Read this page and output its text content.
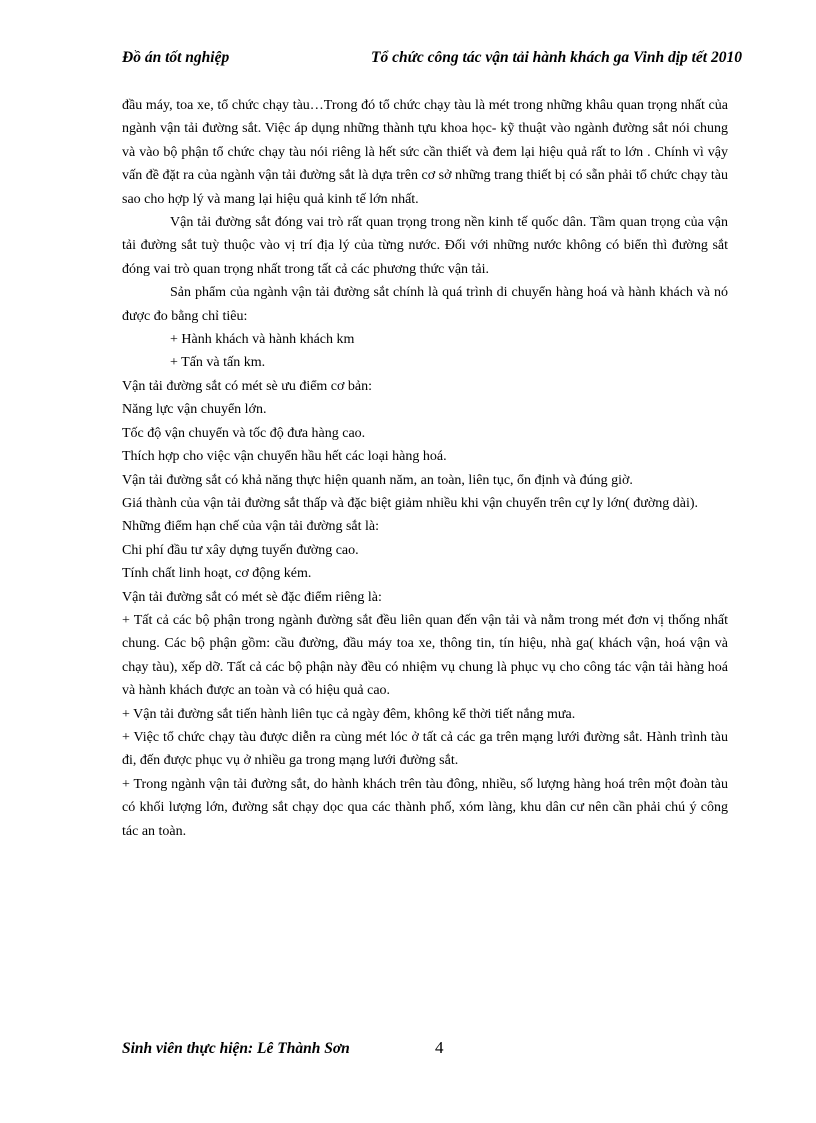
Đồ án tốt nghiệp	Tổ chức công tác vận tải hành khách ga Vinh dịp tết 2010

đầu máy, toa xe, tổ chức chạy tàu…Trong đó tổ chức chạy tàu là mét trong những khâu quan trọng nhất của ngành vận tải đường sắt. Việc áp dụng những thành tựu khoa học- kỹ thuật vào ngành đường sắt nói chung và vào bộ phận tổ chức chạy tàu nói riêng là hết sức cần thiết và đem lại hiệu quả rất to lớn . Chính vì vậy vấn đề đặt ra của ngành vận tải đường sắt là dựa trên cơ sở những trang thiết bị có sẵn phải tổ chức chạy tàu sao cho hợp lý và mang lại hiệu quả kinh tế lớn nhất.

Vận tải đường sắt đóng vai trò rất quan trọng trong nền kinh tế quốc dân. Tầm quan trọng của vận tải đường sắt tuỳ thuộc vào vị trí địa lý của từng nước. Đối với những nước không có biển thì đường sắt đóng vai trò quan trọng nhất trong tất cả các phương thức vận tải.

Sản phẩm của ngành vận tải đường sắt chính là quá trình di chuyển hàng hoá và hành khách và nó được đo bằng chỉ tiêu:

+ Hành khách và hành khách km

+ Tấn và tấn km.

Vận tải đường sắt có mét sè ưu điểm cơ bản:

Năng lực vận chuyển lớn.

Tốc độ vận chuyển và tốc độ đưa hàng cao.

Thích hợp cho việc vận chuyển hầu hết các loại hàng hoá.

Vận tải đường sắt có khả năng thực hiện quanh năm, an toàn, liên tục, ổn định và đúng giờ.

Giá thành của vận tải đường sắt thấp và đặc biệt giảm nhiều khi vận chuyển trên cự ly lớn( đường dài).

Những điểm hạn chế của vận tải đường sắt là:

Chi phí đầu tư xây dựng tuyến đường cao.

Tính chất linh hoạt, cơ động kém.

Vận tải đường sắt có mét sè đặc điểm riêng là:

+ Tất cả các bộ phận trong ngành đường sắt đều liên quan đến vận tải và nằm trong mét đơn vị thống nhất chung. Các bộ phận gồm: cầu đường, đầu máy toa xe, thông tin, tín hiệu, nhà ga( khách vận, hoá vận và chạy tàu), xếp dỡ. Tất cả các bộ phận này đều có nhiệm vụ chung là phục vụ cho công tác vận tải hàng hoá và hành khách được an toàn và có hiệu quả cao.

+ Vận tải đường sắt tiến hành liên tục cả ngày đêm, không kể thời tiết nắng mưa.

+ Việc tổ chức chạy tàu được diễn ra cùng mét lóc ở tất cả các ga trên mạng lưới đường sắt. Hành trình tàu đi, đến được phục vụ ở nhiều ga trong mạng lưới đường sắt.

+ Trong ngành vận tải đường sắt, do hành khách trên tàu đông, nhiều, số lượng hàng hoá trên một đoàn tàu có khối lượng lớn, đường sắt chạy dọc qua các thành phố, xóm làng, khu dân cư nên cần phải chú ý công tác an toàn.

Sinh viên thực hiện: Lê Thành Sơn	4
